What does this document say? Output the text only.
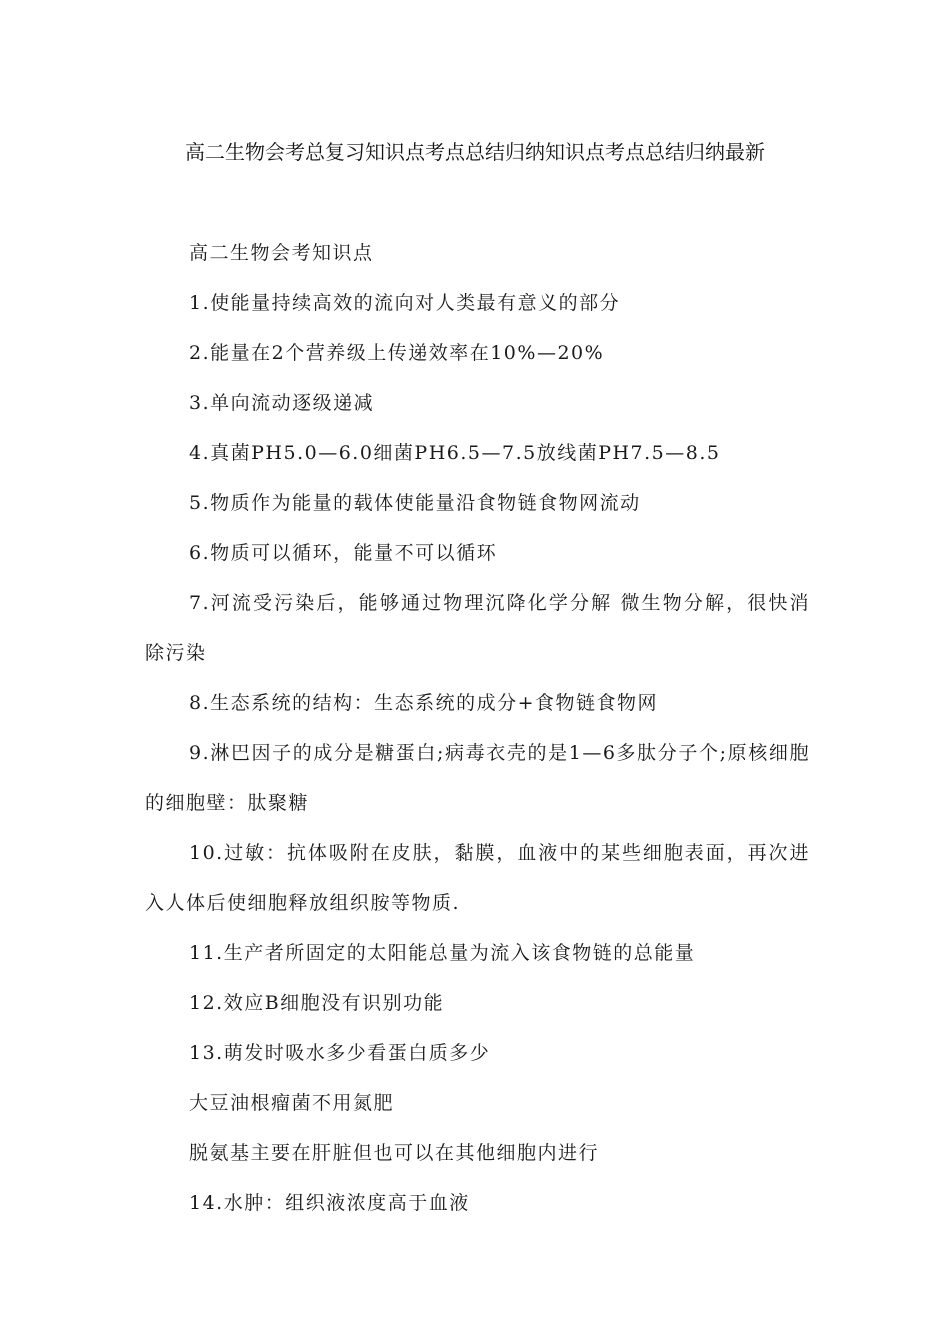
高二生物会考总复习知识点考点总结归纳知识点考点总结归纳最新

高二生物会考知识点

1.使能量持续高效的流向对人类最有意义的部分

2.能量在2个营养级上传递效率在10%—20%

3.单向流动逐级递减

4.真菌PH5.0—6.0细菌PH6.5—7.5放线菌PH7.5—8.5

5.物质作为能量的载体使能量沿食物链食物网流动

6.物质可以循环，能量不可以循环

7.河流受污染后，能够通过物理沉降化学分解 微生物分解，很快消除污染

8.生态系统的结构：生态系统的成分+食物链食物网

9.淋巴因子的成分是糖蛋白;病毒衣壳的是1—6多肽分子个;原核细胞的细胞壁：肽聚糖

10.过敏：抗体吸附在皮肤，黏膜，血液中的某些细胞表面，再次进入人体后使细胞释放组织胺等物质.

11.生产者所固定的太阳能总量为流入该食物链的总能量

12.效应B细胞没有识别功能

13.萌发时吸水多少看蛋白质多少

大豆油根瘤菌不用氮肥

脱氨基主要在肝脏但也可以在其他细胞内进行

14.水肿：组织液浓度高于血液
